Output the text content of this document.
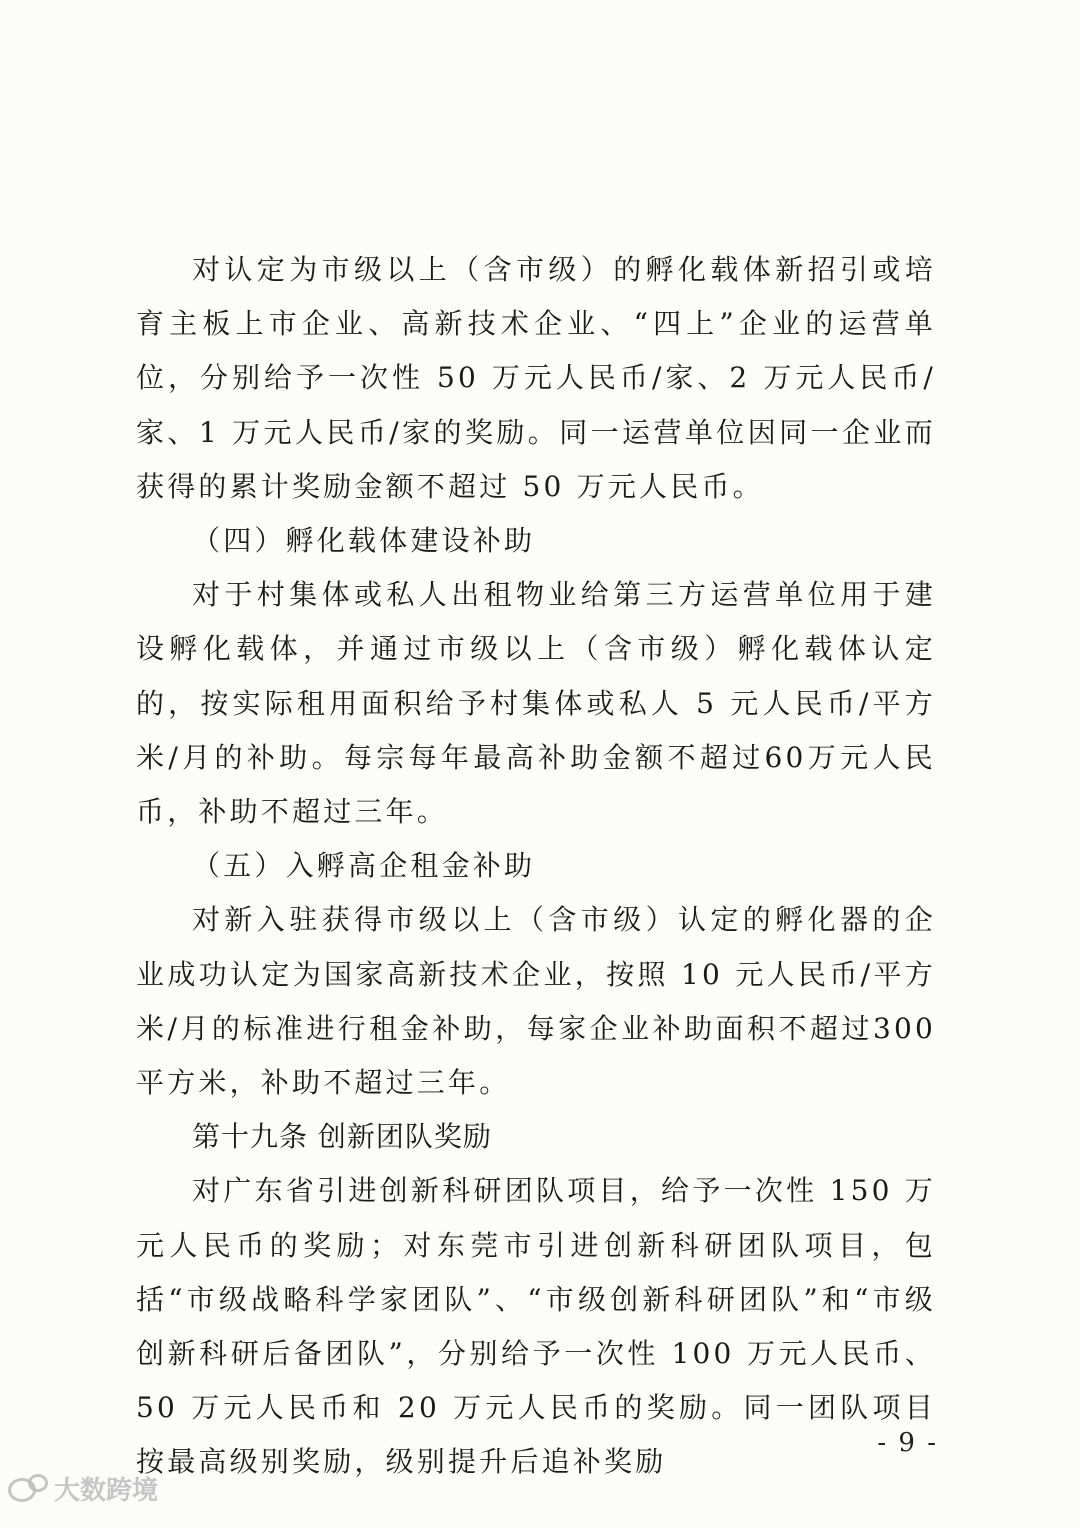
对认定为市级以上（含市级）的孵化载体新招引或培育主板上市企业、高新技术企业、“四上”企业的运营单位，分别给予一次性 50 万元人民币/家、2 万元人民币/家、1 万元人民币/家的奖励。同一运营单位因同一企业而获得的累计奖励金额不超过 50 万元人民币。

（四）孵化载体建设补助

对于村集体或私人出租物业给第三方运营单位用于建设孵化载体，并通过市级以上（含市级）孵化载体认定的，按实际租用面积给予村集体或私人 5 元人民币/平方米/月的补助。每宗每年最高补助金额不超过60万元人民币，补助不超过三年。

（五）入孵高企租金补助

对新入驻获得市级以上（含市级）认定的孵化器的企业成功认定为国家高新技术企业，按照 10 元人民币/平方米/月的标准进行租金补助，每家企业补助面积不超过300平方米，补助不超过三年。

第十九条 创新团队奖励

对广东省引进创新科研团队项目，给予一次性 150 万元人民币的奖励；对东莞市引进创新科研团队项目，包括“市级战略科学家团队”、“市级创新科研团队”和“市级创新科研后备团队”，分别给予一次性 100 万元人民币、50 万元人民币和 20 万元人民币的奖励。同一团队项目按最高级别奖励，级别提升后追补奖励

- 9 -
大数跨境
